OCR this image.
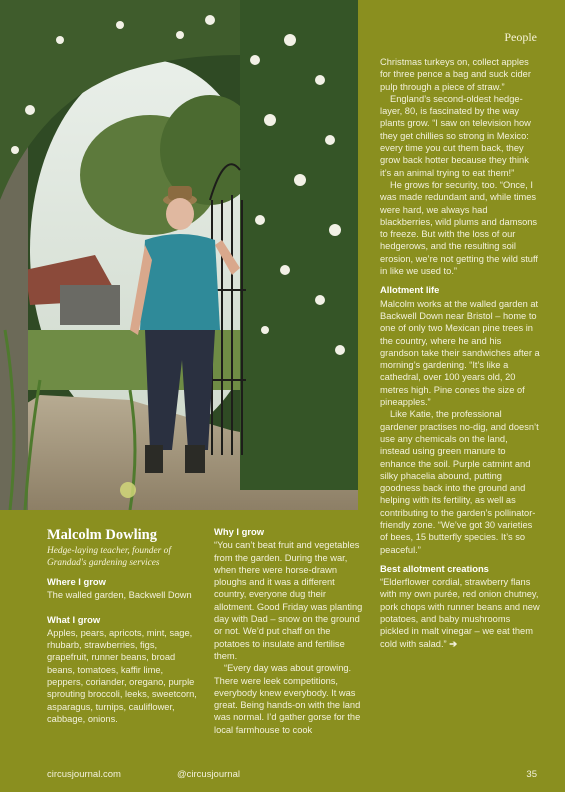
People

Christmas turkeys on, collect apples for three pence a bag and suck cider pulp through a piece of straw.”

England’s second-oldest hedge-layer, 80, is fascinated by the way plants grow. “I saw on television how they get chillies so strong in Mexico: every time you cut them back, they grow back hotter because they think it’s an animal trying to eat them!”

He grows for security, too. “Once, I was made redundant and, while times were hard, we always had blackberries, wild plums and damsons to freeze. But with the loss of our hedgerows, and the resulting soil erosion, we’re not getting the wild stuff in like we used to.”

Allotment life

Malcolm works at the walled garden at Backwell Down near Bristol – home to one of only two Mexican pine trees in the country, where he and his grandson take their sandwiches after a morning’s gardening. “It’s like a cathedral, over 100 years old, 20 metres high. Pine cones the size of pineapples.”

Like Katie, the professional gardener practises no-dig, and doesn’t use any chemicals on the land, instead using green manure to enhance the soil. Purple catmint and silky phacelia abound, putting goodness back into the ground and helping with its fertility, as well as contributing to the garden’s pollinator-friendly zone. “We’ve got 30 varieties of bees, 15 butterfly species. It’s so peaceful.”

Best allotment creations

“Elderflower cordial, strawberry flans with my own purée, red onion chutney, pork chops with runner beans and new potatoes, and baby mushrooms pickled in malt vinegar – we eat them cold with salad.” ➔

Malcolm Dowling
Hedge-laying teacher, founder of Grandad's gardening services
Where I grow

The walled garden, Backwell Down

What I grow

Apples, pears, apricots, mint, sage, rhubarb, strawberries, figs, grapefruit, runner beans, broad beans, tomatoes, kaffir lime, peppers, coriander, oregano, purple sprouting broccoli, leeks, sweetcorn, asparagus, turnips, cauliflower, cabbage, onions.

Why I grow

“You can’t beat fruit and vegetables from the garden. During the war, when there were horse-drawn ploughs and it was a different country, everyone dug their allotment. Good Friday was planting day with Dad – snow on the ground or not. We’d put chaff on the potatoes to insulate and fertilise them.

“Every day was about growing. There were leek competitions, everybody knew everybody. It was great. Being hands-on with the land was normal. I’d gather gorse for the local farmhouse to cook

circusjournal.com	@circusjournal	35
